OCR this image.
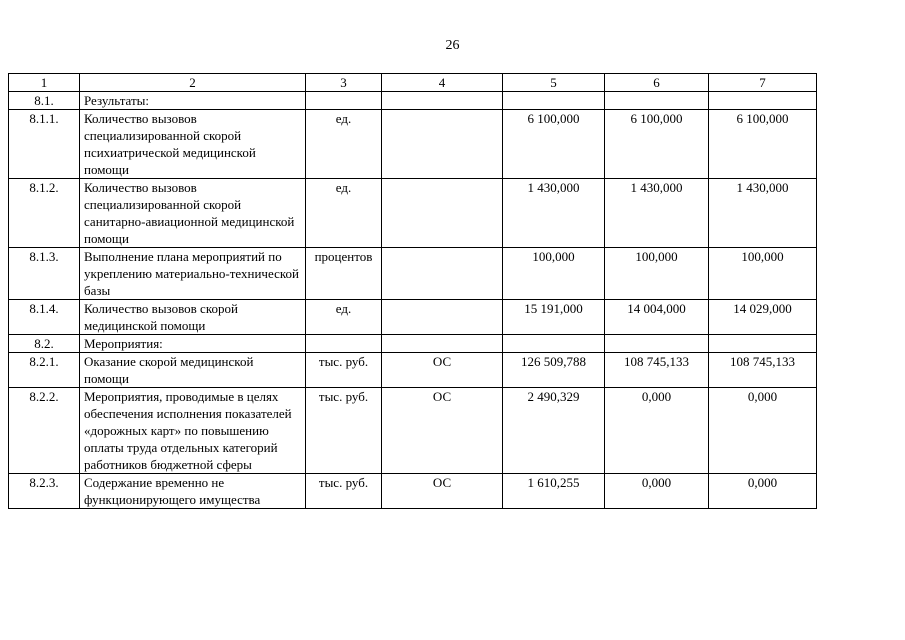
26
1	2	3	4	5	6	7
8.1.	Результаты:					
8.1.1.	Количество вызовов специализированной скорой психиатрической медицинской помощи	ед.		6 100,000	6 100,000	6 100,000
8.1.2.	Количество вызовов специализированной скорой санитарно-авиационной медицинской помощи	ед.		1 430,000	1 430,000	1 430,000
8.1.3.	Выполнение плана мероприятий по укреплению материально-технической базы	процентов		100,000	100,000	100,000
8.1.4.	Количество вызовов скорой медицинской помощи	ед.		15 191,000	14 004,000	14 029,000
8.2.	Мероприятия:					
8.2.1.	Оказание скорой медицинской помощи	тыс. руб.	ОС	126 509,788	108 745,133	108 745,133
8.2.2.	Мероприятия, проводимые в целях обеспечения исполнения показателей «дорожных карт» по повышению оплаты труда отдельных категорий работников бюджетной сферы	тыс. руб.	ОС	2 490,329	0,000	0,000
8.2.3.	Содержание временно не функционирующего имущества	тыс. руб.	ОС	1 610,255	0,000	0,000
